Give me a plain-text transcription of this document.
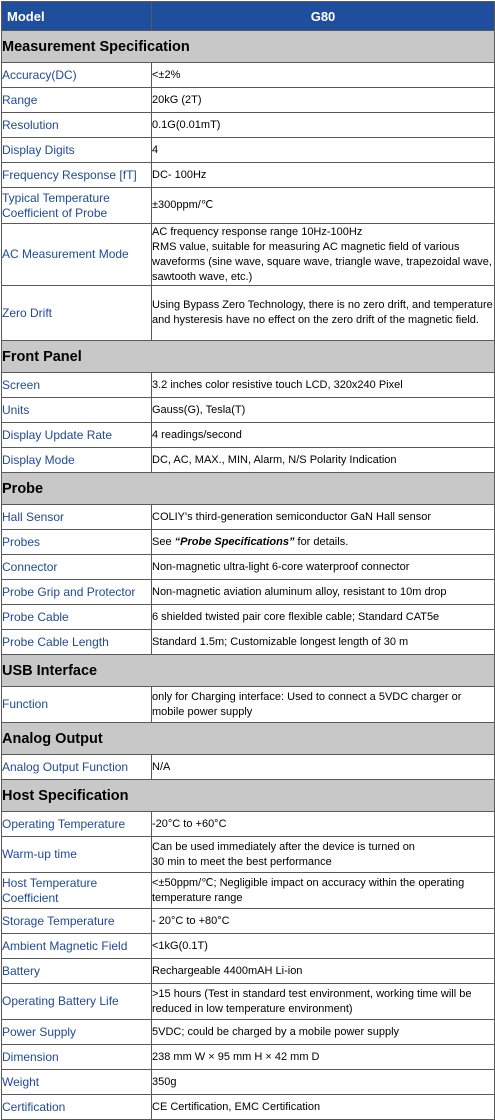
Model	G80
Measurement Specification	
Accuracy(DC)	<±2%
Range	20kG (2T)
Resolution	0.1G(0.01mT)
Display Digits	4
Frequency Response [fT]	DC- 100Hz
Typical Temperature Coefficient of Probe	±300ppm/℃
AC Measurement Mode	AC frequency response range 10Hz-100Hz
RMS value, suitable for measuring AC magnetic field of various waveforms (sine wave, square wave, triangle wave, trapezoidal wave, sawtooth wave, etc.)
Zero Drift	Using Bypass Zero Technology, there is no zero drift, and temperature and hysteresis have no effect on the zero drift of the magnetic field.
Front Panel	
Screen	3.2 inches color resistive touch LCD, 320x240 Pixel
Units	Gauss(G), Tesla(T)
Display Update Rate	4 readings/second
Display Mode	DC, AC, MAX., MIN, Alarm, N/S Polarity Indication
Probe	
Hall Sensor	COLIY's third-generation semiconductor GaN Hall sensor
Probes	See “Probe Specifications” for details.
Connector	Non-magnetic ultra-light 6-core waterproof connector
Probe Grip and Protector	Non-magnetic aviation aluminum alloy, resistant to 10m drop
Probe Cable	6 shielded twisted pair core flexible cable; Standard CAT5e
Probe Cable Length	Standard 1.5m; Customizable longest length of 30 m
USB Interface	
Function	only for Charging interface: Used to connect a 5VDC charger or mobile power supply
Analog Output	
Analog Output Function	N/A
Host Specification	
Operating Temperature	-20°C to +60°C
Warm-up time	Can be used immediately after the device is turned on
30 min to meet the best performance
Host Temperature Coefficient	<±50ppm/℃; Negligible impact on accuracy within the operating temperature range
Storage Temperature	- 20°C to +80°C
Ambient Magnetic Field	<1kG(0.1T)
Battery	Rechargeable 4400mAH Li-ion
Operating Battery Life	>15 hours (Test in standard test environment, working time will be reduced in low temperature environment)
Power Supply	5VDC; could be charged by a mobile power supply
Dimension	238 mm W × 95 mm H × 42 mm D
Weight	350g
Certification	CE Certification, EMC Certification
